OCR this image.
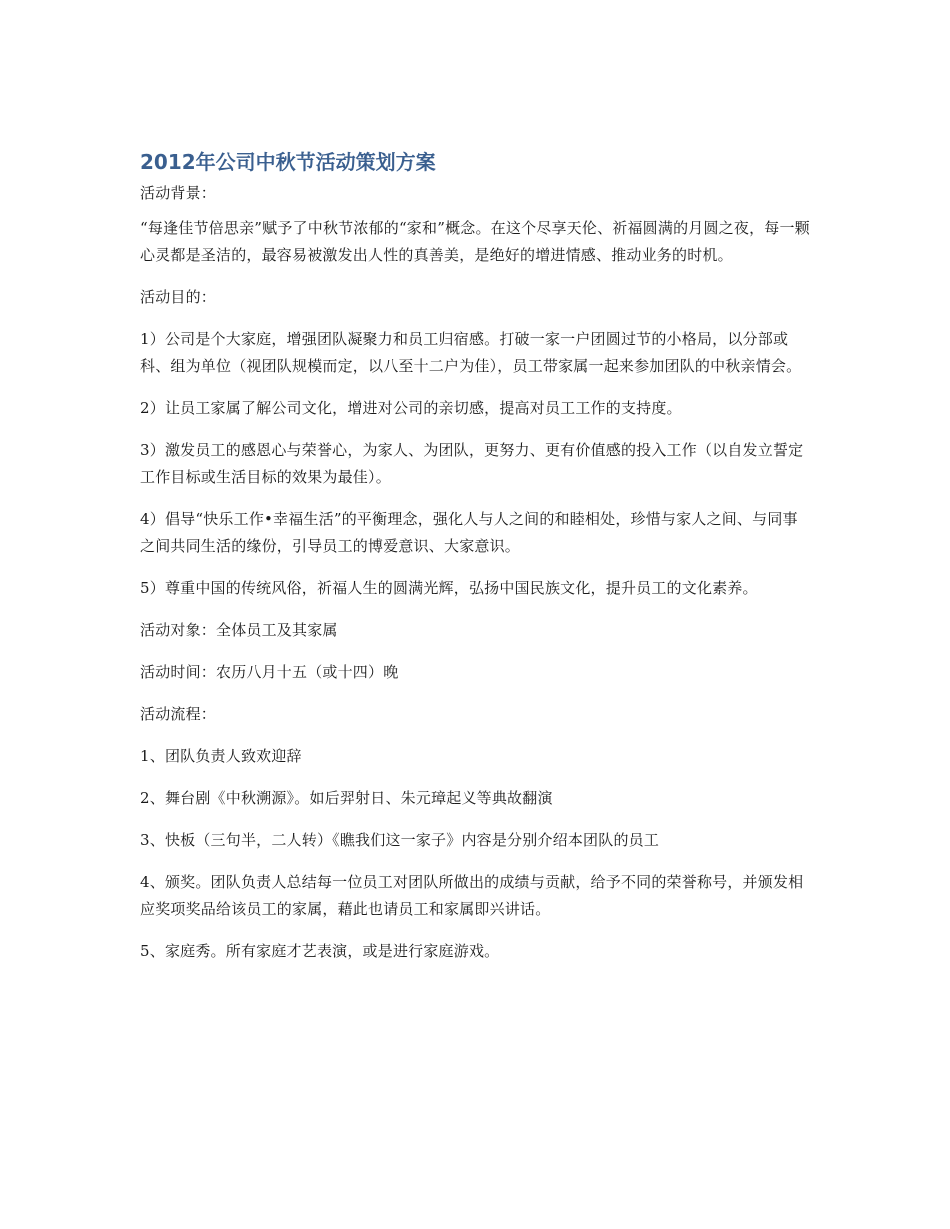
2012年公司中秋节活动策划方案

活动背景：

“每逢佳节倍思亲”赋予了中秋节浓郁的“家和”概念。在这个尽享天伦、祈福圆满的月圆之夜，每一颗心灵都是圣洁的，最容易被激发出人性的真善美，是绝好的增进情感、推动业务的时机。

活动目的：

1）公司是个大家庭，增强团队凝聚力和员工归宿感。打破一家一户团圆过节的小格局，以分部或科、组为单位（视团队规模而定，以八至十二户为佳），员工带家属一起来参加团队的中秋亲情会。

2）让员工家属了解公司文化，增进对公司的亲切感，提高对员工工作的支持度。

3）激发员工的感恩心与荣誉心，为家人、为团队，更努力、更有价值感的投入工作（以自发立誓定工作目标或生活目标的效果为最佳）。

4）倡导“快乐工作•幸福生活”的平衡理念，强化人与人之间的和睦相处，珍惜与家人之间、与同事之间共同生活的缘份，引导员工的博爱意识、大家意识。

5）尊重中国的传统风俗，祈福人生的圆满光辉，弘扬中国民族文化，提升员工的文化素养。

活动对象：全体员工及其家属

活动时间：农历八月十五（或十四）晚

活动流程：

1、团队负责人致欢迎辞

2、舞台剧《中秋溯源》。如后羿射日、朱元璋起义等典故翻演

3、快板（三句半，二人转）《瞧我们这一家子》内容是分别介绍本团队的员工

4、颁奖。团队负责人总结每一位员工对团队所做出的成绩与贡献，给予不同的荣誉称号，并颁发相应奖项奖品给该员工的家属，藉此也请员工和家属即兴讲话。

5、家庭秀。所有家庭才艺表演，或是进行家庭游戏。
